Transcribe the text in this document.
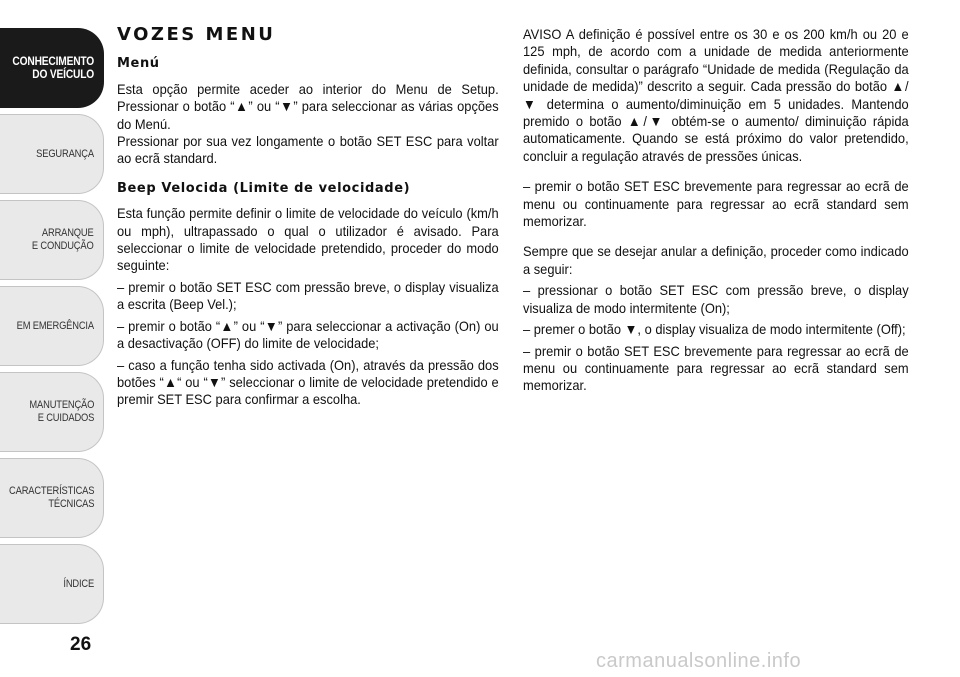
CONHECIMENTO
DO VEÍCULO
SEGURANÇA
ARRANQUE
E CONDUÇÃO
EM EMERGÊNCIA
MANUTENÇÃO
E CUIDADOS
CARACTERÍSTICAS
TÉCNICAS
ÍNDICE
26
VOZES MENU
Menú

Esta opção permite aceder ao interior do Menu de Setup. Pressionar o botão “▲” ou “▼” para seleccionar as várias opções do Menú.

Pressionar por sua vez longamente o botão SET ESC para voltar ao ecrã standard.

Beep Velocida (Limite de velocidade)

Esta função permite definir o limite de velocidade do veículo (km/h ou mph), ultrapassado o qual o utilizador é avisado. Para seleccionar o limite de velocidade pretendido, proceder do modo seguinte:

– premir o botão SET ESC com pressão breve, o display visualiza a escrita (Beep Vel.);

– premir o botão “▲” ou “▼” para seleccionar a activação (On) ou a desactivação (OFF) do limite de velocidade;

– caso a função tenha sido activada (On), através da pressão dos botões “▲“ ou “▼” seleccionar o limite de velocidade pretendido e premir SET ESC para confirmar a escolha.

AVISO A definição é possível entre os 30 e os 200 km/h ou 20 e 125 mph, de acordo com a unidade de medida anteriormente definida, consultar o parágrafo “Unidade de medida (Regulação da unidade de medida)” descrito a seguir. Cada pressão do botão ▲/▼ determina o aumento/diminuição em 5 unidades. Mantendo premido o botão ▲/▼ obtém-se o aumento/ diminuição rápida automaticamente. Quando se está próximo do valor pretendido, concluir a regulação através de pressões únicas.

– premir o botão SET ESC brevemente para regressar ao ecrã de menu ou continuamente para regressar ao ecrã standard sem memorizar.

Sempre que se desejar anular a definição, proceder como indicado a seguir:

– pressionar o botão SET ESC com pressão breve, o display visualiza de modo intermitente (On);

– premer o botão ▼, o display visualiza de modo intermitente (Off);

– premir o botão SET ESC brevemente para regressar ao ecrã de menu ou continuamente para regressar ao ecrã standard sem memorizar.

carmanualsonline.info
